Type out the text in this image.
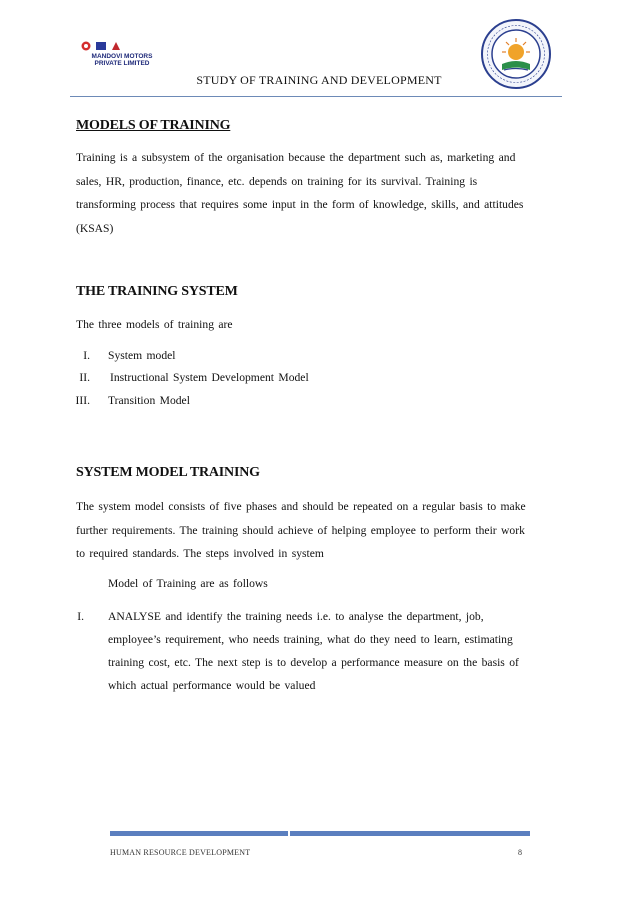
MANDOVI MOTORS
PRIVATE LIMITED
STUDY OF TRAINING AND DEVELOPMENT
MODELS OF TRAINING
Training is a subsystem of the organisation because the department such as, marketing and
sales, HR, production, finance, etc. depends on training for its survival. Training is
transforming process that requires some input in the form of knowledge, skills, and attitudes
(KSAS)
THE TRAINING SYSTEM
The three models of training are
I. System model
II. Instructional System Development Model
III. Transition Model
SYSTEM MODEL TRAINING
The system model consists of five phases and should be repeated on a regular basis to make
further requirements. The training should achieve of helping employee to perform their work
to required standards. The steps involved in system
Model of Training are as follows
I. ANALYSE and identify the training needs i.e. to analyse the department, job,
employee’s requirement, who needs training, what do they need to learn, estimating
training cost, etc. The next step is to develop a performance measure on the basis of
which actual performance would be valued
HUMAN RESOURCE DEVELOPMENT	8
